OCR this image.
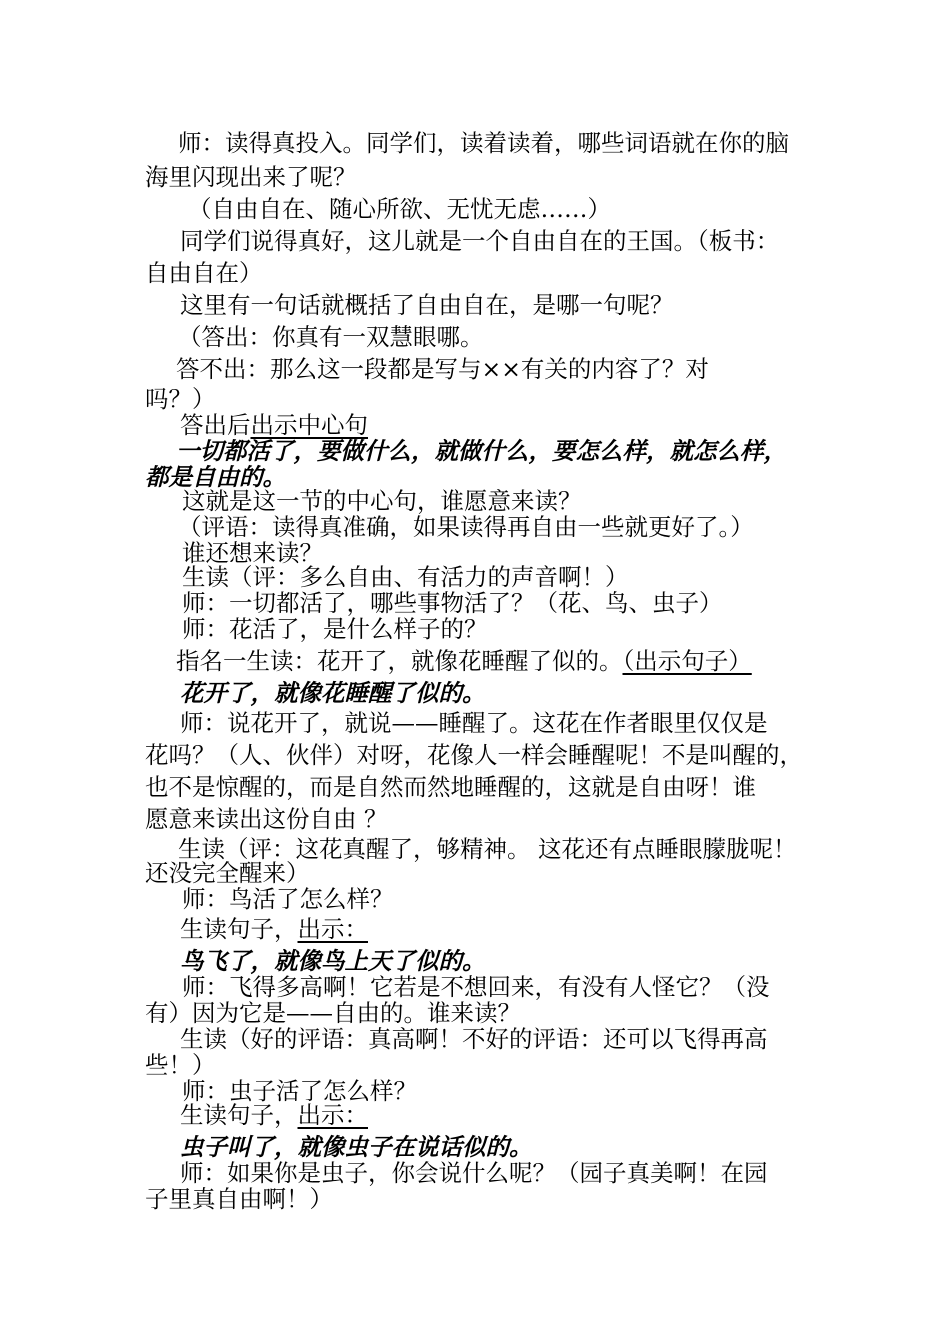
师：读得真投入。同学们，读着读着，哪些词语就在你的脑

海里闪现出来了呢？

（自由自在、随心所欲、无忧无虑……）

同学们说得真好，这儿就是一个自由自在的王国。（板书：

自由自在）

这里有一句话就概括了自由自在，是哪一句呢？

（答出：你真有一双慧眼哪。

答不出：那么这一段都是写与××有关的内容了？对

吗？）

答出后出示中心句

一切都活了，要做什么，就做什么，要怎么样，就怎么样，

都是自由的。

这就是这一节的中心句，谁愿意来读？

（评语：读得真准确，如果读得再自由一些就更好了。）

谁还想来读？

生读（评：多么自由、有活力的声音啊！）

师：一切都活了，哪些事物活了？（花、鸟、虫子）

师：花活了，是什么样子的？

指名一生读：花开了，就像花睡醒了似的。（出示句子）

花开了，就像花睡醒了似的。

师：说花开了，就说——睡醒了。这花在作者眼里仅仅是

花吗？（人、伙伴）对呀，花像人一样会睡醒呢！不是叫醒的，

也不是惊醒的，而是自然而然地睡醒的，这就是自由呀！谁

愿意来读出这份自由 ？

生读（评：这花真醒了，够精神。 这花还有点睡眼朦胧呢！

还没完全醒来）

师：鸟活了怎么样？

生读句子，出示：

鸟飞了，就像鸟上天了似的。

师：飞得多高啊！它若是不想回来，有没有人怪它？（没

有）因为它是——自由的。谁来读？

生读（好的评语：真高啊！不好的评语：还可以飞得再高

些！）

师：虫子活了怎么样？

生读句子，出示：

虫子叫了，就像虫子在说话似的。

师：如果你是虫子，你会说什么呢？（园子真美啊！在园

子里真自由啊！）
